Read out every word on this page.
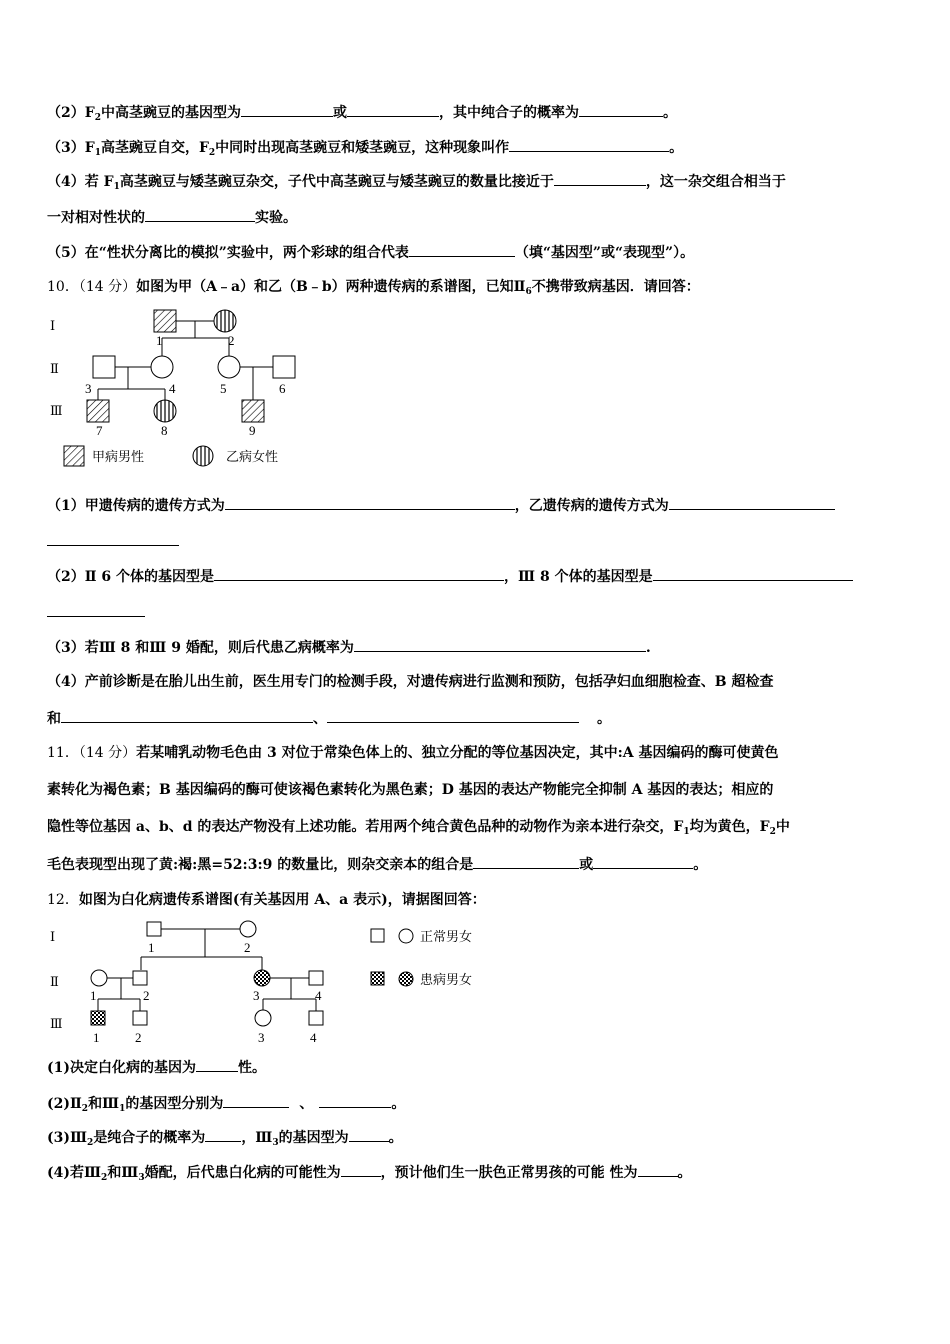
$(2)F_2$中高茎豌豆的基因型为	或	，其中纯合子的概率为	。
$(3)F_1$高茎豌豆自交，$F_2$中同时出现高茎豌豆和矮茎豌豆，这种现象叫作	。
（4）若 $F_1$高茎豌豆与矮茎豌豆杂交，子代中高茎豌豆与矮茎豌豆的数量比接近于	，这一杂交组合相当于
一对相对性状的	实验。
（5）在“性状分离比的模拟”实验中，两个彩球的组合代表	（填“基因型”或“表现型”）。
10．（14 分）如图为甲（A﹣a）和乙（B﹣b）两种遗传病的系谱图，已知$Ⅱ_6$不携带致病基因．请回答：
Ⅰ
Ⅱ
Ⅲ
1	2
3	4	5	6
7	8	9
甲病男性	乙病女性
（1）甲遗传病的遗传方式为	，乙遗传病的遗传方式为
（2）Ⅱ 6 个体的基因型是	，Ⅲ 8 个体的基因型是
（3）若Ⅲ 8 和Ⅲ 9 婚配，则后代患乙病概率为	.
（4）产前诊断是在胎儿出生前，医生用专门的检测手段，对遗传病进行监测和预防，包括孕妇血细胞检查、B 超检查
和	、	。
11．（14 分）若某哺乳动物毛色由 3 对位于常染色体上的、独立分配的等位基因决定，其中:A 基因编码的酶可使黄色
素转化为褐色素；B 基因编码的酶可使该褐色素转化为黑色素；D 基因的表达产物能完全抑制 A 基因的表达；相应的
隐性等位基因 a、b、d 的表达产物没有上述功能。若用两个纯合黄色品种的动物作为亲本进行杂交，$F_1$均为黄色，$F_2$中
毛色表现型出现了黄:褐:黑=52:3:9 的数量比，则杂交亲本的组合是	或	。
12．如图为白化病遗传系谱图(有关基因用 A、a 表示)，请据图回答：
Ⅰ
Ⅱ
Ⅲ
1	2
1	2	3	4
1	2	3	4
正常男女
患病男女
(1)决定白化病的基因为	性。
$(2)Ⅱ_2$和$Ⅲ_1$的基因型分别为	、	。
$(3)Ⅲ_2$是纯合子的概率为	，$Ⅲ_3$的基因型为	。
(4)若$Ⅲ_2$和$Ⅲ_3$婚配，后代患白化病的可能性为	，预计他们生一肤色正常男孩的可能 性为	。
